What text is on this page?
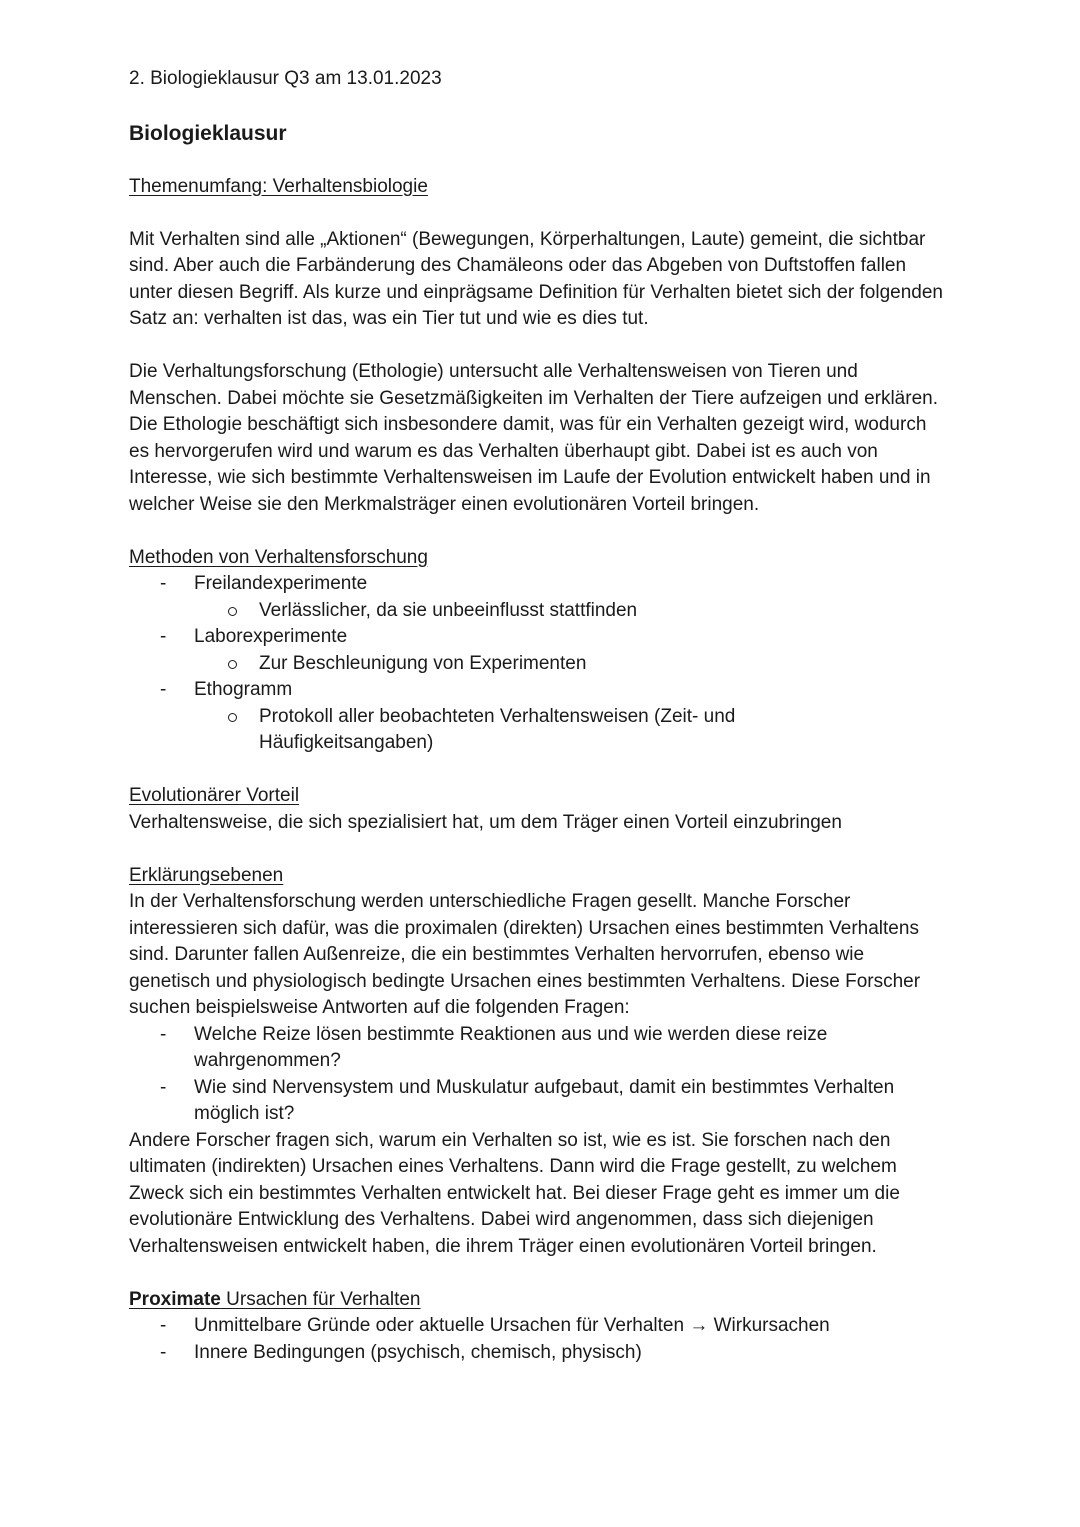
2. Biologieklausur Q3 am 13.01.2023

Biologieklausur

Themenumfang: Verhaltensbiologie

Mit Verhalten sind alle „Aktionen“ (Bewegungen, Körperhaltungen, Laute) gemeint, die sichtbar sind. Aber auch die Farbänderung des Chamäleons oder das Abgeben von Duftstoffen fallen unter diesen Begriff. Als kurze und einprägsame Definition für Verhalten bietet sich der folgenden Satz an: verhalten ist das, was ein Tier tut und wie es dies tut.

Die Verhaltungsforschung (Ethologie) untersucht alle Verhaltensweisen von Tieren und Menschen. Dabei möchte sie Gesetzmäßigkeiten im Verhalten der Tiere aufzeigen und erklären. Die Ethologie beschäftigt sich insbesondere damit, was für ein Verhalten gezeigt wird, wodurch es hervorgerufen wird und warum es das Verhalten überhaupt gibt. Dabei ist es auch von Interesse, wie sich bestimmte Verhaltensweisen im Laufe der Evolution entwickelt haben und in welcher Weise sie den Merkmalsträger einen evolutionären Vorteil bringen.

Methoden von Verhaltensforschung

- Freilandexperimente
Verlässlicher, da sie unbeeinflusst stattfinden
- Laborexperimente
Zur Beschleunigung von Experimenten
- Ethogramm
Protokoll aller beobachteten Verhaltensweisen (Zeit- und Häufigkeitsangaben)

Evolutionärer Vorteil

Verhaltensweise, die sich spezialisiert hat, um dem Träger einen Vorteil einzubringen

Erklärungsebenen

In der Verhaltensforschung werden unterschiedliche Fragen gesellt. Manche Forscher interessieren sich dafür, was die proximalen (direkten) Ursachen eines bestimmten Verhaltens sind. Darunter fallen Außenreize, die ein bestimmtes Verhalten hervorrufen, ebenso wie genetisch und physiologisch bedingte Ursachen eines bestimmten Verhaltens. Diese Forscher suchen beispielsweise Antworten auf die folgenden Fragen:

- Welche Reize lösen bestimmte Reaktionen aus und wie werden diese reize wahrgenommen?
- Wie sind Nervensystem und Muskulatur aufgebaut, damit ein bestimmtes Verhalten möglich ist?

Andere Forscher fragen sich, warum ein Verhalten so ist, wie es ist. Sie forschen nach den ultimaten (indirekten) Ursachen eines Verhaltens. Dann wird die Frage gestellt, zu welchem Zweck sich ein bestimmtes Verhalten entwickelt hat. Bei dieser Frage geht es immer um die evolutionäre Entwicklung des Verhaltens. Dabei wird angenommen, dass sich diejenigen Verhaltensweisen entwickelt haben, die ihrem Träger einen evolutionären Vorteil bringen.

Proximate Ursachen für Verhalten

- Unmittelbare Gründe oder aktuelle Ursachen für Verhalten → Wirkursachen
- Innere Bedingungen (psychisch, chemisch, physisch)
